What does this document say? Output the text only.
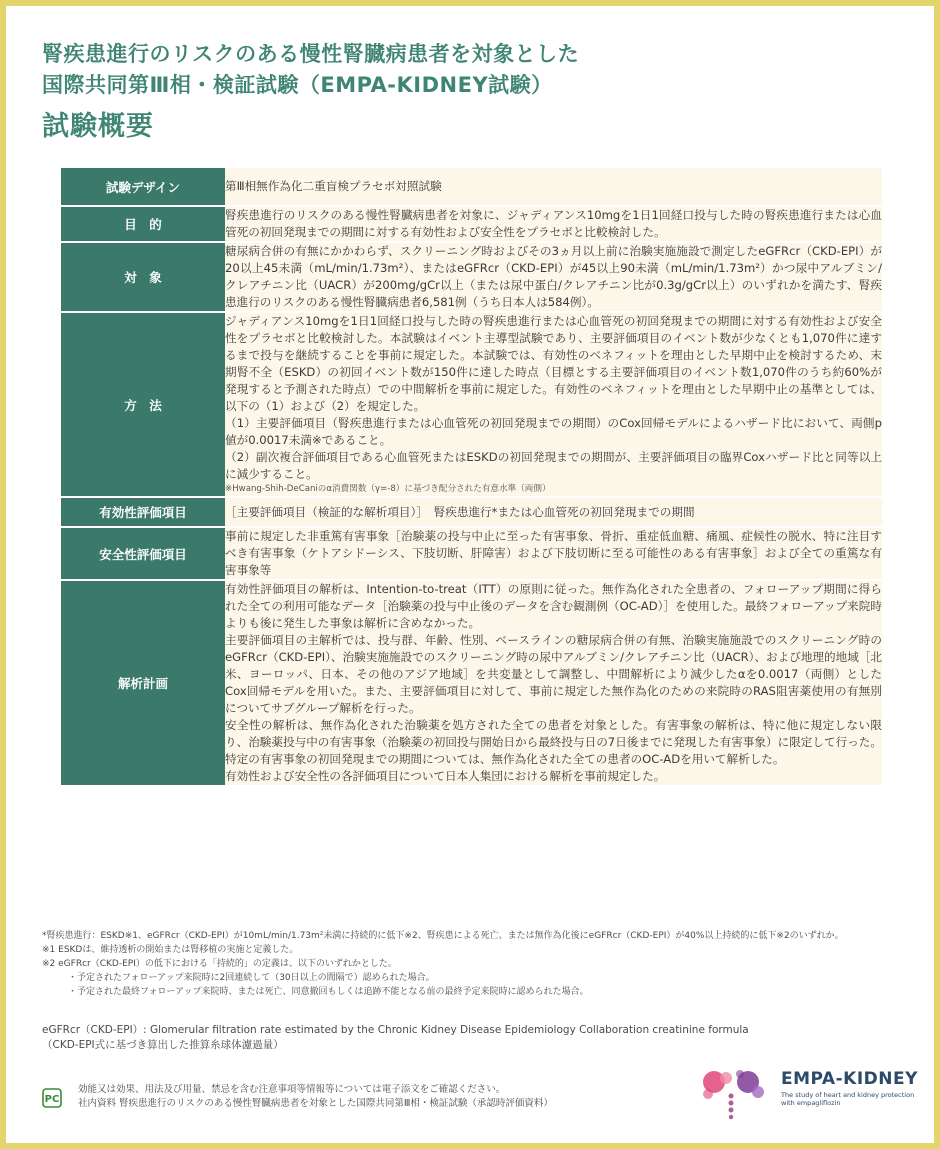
腎疾患進行のリスクのある慢性腎臓病患者を対象とした
国際共同第Ⅲ相・検証試験（EMPA-KIDNEY試験）
試験概要
試験デザイン	第Ⅲ相無作為化二重盲検プラセボ対照試験

目　的	腎疾患進行のリスクのある慢性腎臓病患者を対象に、ジャディアンス10mgを1日1回経口投与した時の腎疾患進行または心血管死の初回発現までの期間に対する有効性および安全性をプラセボと比較検討した。

対　象	糖尿病合併の有無にかかわらず、スクリーニング時およびその3ヵ月以上前に治験実施施設で測定したeGFRcr（CKD-EPI）が20以上45未満（mL/min/1.73m²）、またはeGFRcr（CKD-EPI）が45以上90未満（mL/min/1.73m²）かつ尿中アルブミン/クレアチニン比（UACR）が200mg/gCr以上（または尿中蛋白/クレアチニン比が0.3g/gCr以上）のいずれかを満たす、腎疾患進行のリスクのある慢性腎臓病患者6,581例（うち日本人は584例）。

方　法	ジャディアンス10mgを1日1回経口投与した時の腎疾患進行または心血管死の初回発現までの期間に対する有効性および安全性をプラセボと比較検討した。本試験はイベント主導型試験であり、主要評価項目のイベント数が少なくとも1,070件に達するまで投与を継続することを事前に規定した。本試験では、有効性のベネフィットを理由とした早期中止を検討するため、末期腎不全（ESKD）の初回イベント数が150件に達した時点（目標とする主要評価項目のイベント数1,070件のうち約60%が発現すると予測された時点）での中間解析を事前に規定した。有効性のベネフィットを理由とした早期中止の基準としては、以下の（1）および（2）を規定した。
（1）主要評価項目（腎疾患進行または心血管死の初回発現までの期間）のCox回帰モデルによるハザード比において、両側p値が0.0017未満※であること。
（2）副次複合評価項目である心血管死またはESKDの初回発現までの期間が、主要評価項目の臨界Coxハザード比と同等以上に減少すること。
※Hwang-Shih-DeCaniのα消費関数（γ=-8）に基づき配分された有意水準（両側）

有効性評価項目	［主要評価項目（検証的な解析項目）］　腎疾患進行*または心血管死の初回発現までの期間

安全性評価項目	事前に規定した非重篤有害事象［治験薬の投与中止に至った有害事象、骨折、重症低血糖、痛風、症候性の脱水、特に注目すべき有害事象（ケトアシドーシス、下肢切断、肝障害）および下肢切断に至る可能性のある有害事象］および全ての重篤な有害事象等

解析計画	有効性評価項目の解析は、Intention-to-treat（ITT）の原則に従った。無作為化された全患者の、フォローアップ期間に得られた全ての利用可能なデータ［治験薬の投与中止後のデータを含む観測例（OC-AD）］を使用した。最終フォローアップ来院時よりも後に発生した事象は解析に含めなかった。
主要評価項目の主解析では、投与群、年齢、性別、ベースラインの糖尿病合併の有無、治験実施施設でのスクリーニング時のeGFRcr（CKD-EPI）、治験実施施設でのスクリーニング時の尿中アルブミン/クレアチニン比（UACR）、および地理的地域［北米、ヨーロッパ、日本、その他のアジア地域］を共変量として調整し、中間解析により減少したαを0.0017（両側）としたCox回帰モデルを用いた。また、主要評価項目に対して、事前に規定した無作為化のための来院時のRAS阻害薬使用の有無別についてサブグループ解析を行った。
安全性の解析は、無作為化された治験薬を処方された全ての患者を対象とした。有害事象の解析は、特に他に規定しない限り、治験薬投与中の有害事象（治験薬の初回投与開始日から最終投与日の7日後までに発現した有害事象）に限定して行った。特定の有害事象の初回発現までの期間については、無作為化された全ての患者のOC-ADを用いて解析した。
有効性および安全性の各評価項目について日本人集団における解析を事前規定した。
*腎疾患進行：ESKD※1、eGFRcr（CKD-EPI）が10mL/min/1.73m²未満に持続的に低下※2、腎疾患による死亡、または無作為化後にeGFRcr（CKD-EPI）が40%以上持続的に低下※2のいずれか。
※1 ESKDは、維持透析の開始または腎移植の実施と定義した。
※2 eGFRcr（CKD-EPI）の低下における「持続的」の定義は、以下のいずれかとした。
・予定されたフォローアップ来院時に2回連続して（30日以上の間隔で）認められた場合。
・予定された最終フォローアップ来院時、または死亡、同意撤回もしくは追跡不能となる前の最終予定来院時に認められた場合。
eGFRcr（CKD-EPI）: Glomerular filtration rate estimated by the Chronic Kidney Disease Epidemiology Collaboration creatinine formula
（CKD-EPI式に基づき算出した推算糸球体濾過量）
PC
効能又は効果、用法及び用量、禁忌を含む注意事項等情報等については電子添文をご確認ください。
社内資料 腎疾患進行のリスクのある慢性腎臓病患者を対象とした国際共同第Ⅲ相・検証試験（承認時評価資料）
EMPA-KIDNEY
The study of heart and kidney protection with empagliflozin
